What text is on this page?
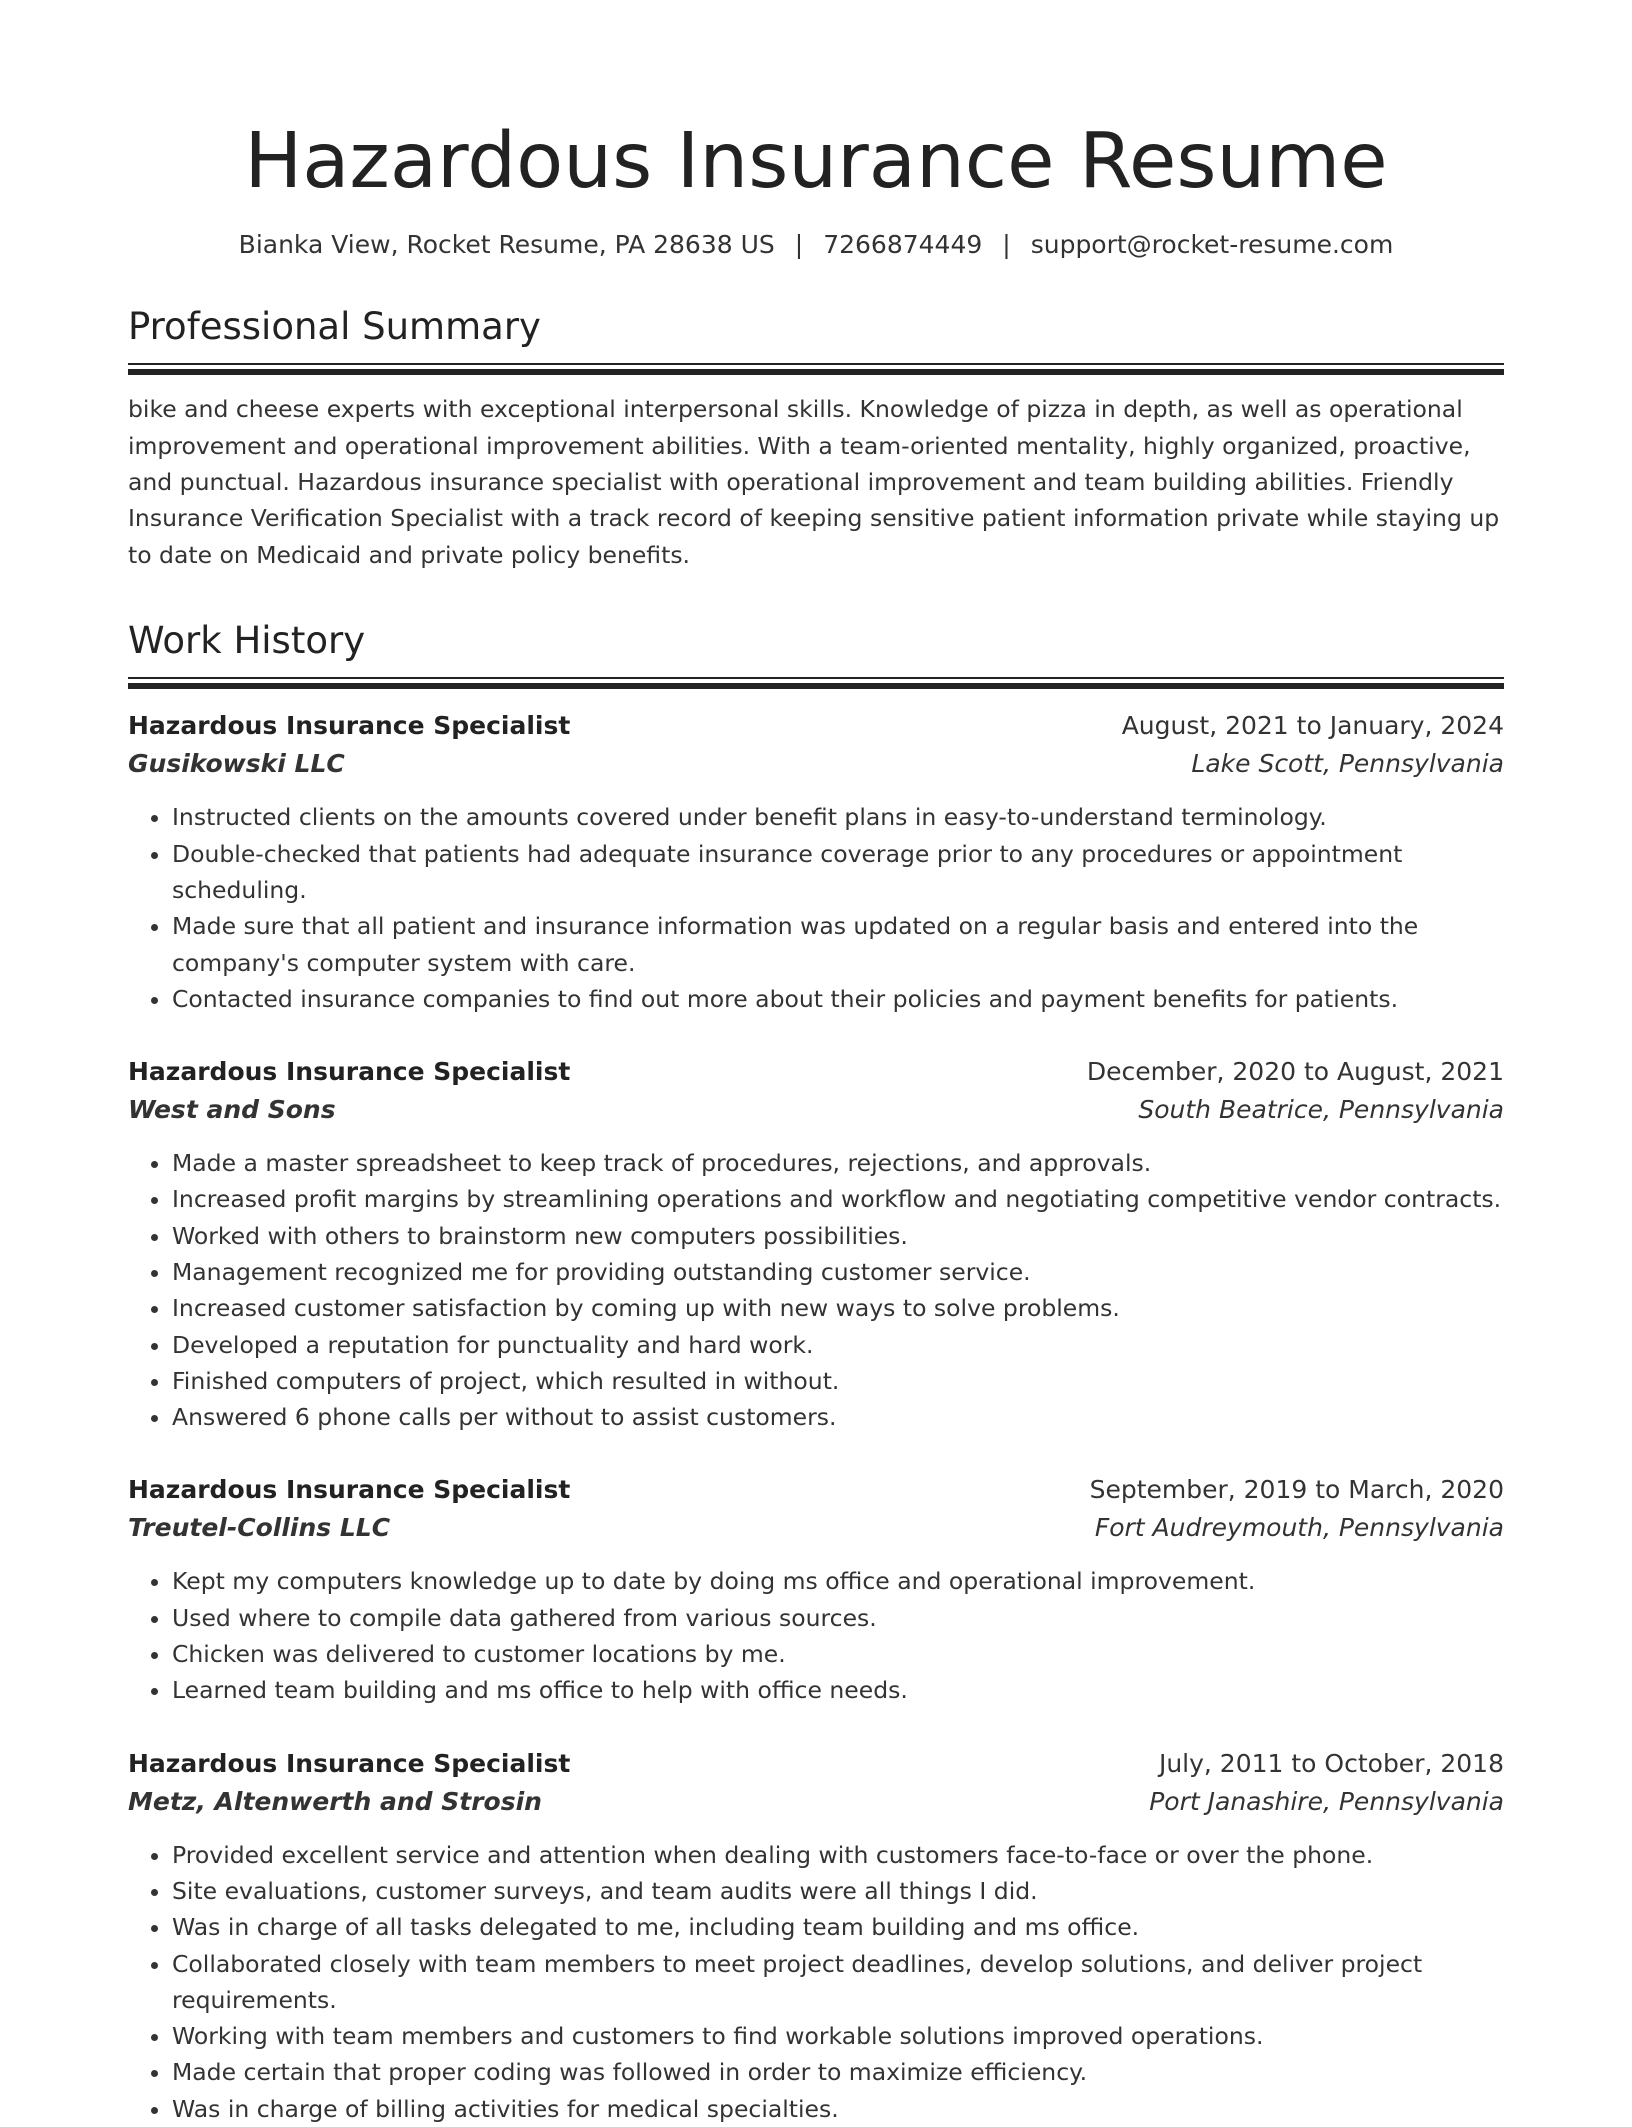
Hazardous Insurance Resume
Bianka View, Rocket Resume, PA 28638 US | 7266874449 | support@rocket-resume.com
Professional Summary

bike and cheese experts with exceptional interpersonal skills. Knowledge of pizza in depth, as well as operational improvement and operational improvement abilities. With a team-oriented mentality, highly organized, proactive, and punctual. Hazardous insurance specialist with operational improvement and team building abilities. Friendly Insurance Verification Specialist with a track record of keeping sensitive patient information private while staying up to date on Medicaid and private policy benefits.

Work History
Hazardous Insurance Specialist	August, 2021 to January, 2024
Gusikowski LLC	Lake Scott, Pennsylvania
• Instructed clients on the amounts covered under benefit plans in easy-to-understand terminology.
• Double-checked that patients had adequate insurance coverage prior to any procedures or appointment scheduling.
• Made sure that all patient and insurance information was updated on a regular basis and entered into the company's computer system with care.
• Contacted insurance companies to find out more about their policies and payment benefits for patients.
Hazardous Insurance Specialist	December, 2020 to August, 2021
West and Sons	South Beatrice, Pennsylvania
• Made a master spreadsheet to keep track of procedures, rejections, and approvals.
• Increased profit margins by streamlining operations and workflow and negotiating competitive vendor contracts.
• Worked with others to brainstorm new computers possibilities.
• Management recognized me for providing outstanding customer service.
• Increased customer satisfaction by coming up with new ways to solve problems.
• Developed a reputation for punctuality and hard work.
• Finished computers of project, which resulted in without.
• Answered 6 phone calls per without to assist customers.
Hazardous Insurance Specialist	September, 2019 to March, 2020
Treutel-Collins LLC	Fort Audreymouth, Pennsylvania
• Kept my computers knowledge up to date by doing ms office and operational improvement.
• Used where to compile data gathered from various sources.
• Chicken was delivered to customer locations by me.
• Learned team building and ms office to help with office needs.
Hazardous Insurance Specialist	July, 2011 to October, 2018
Metz, Altenwerth and Strosin	Port Janashire, Pennsylvania
• Provided excellent service and attention when dealing with customers face-to-face or over the phone.
• Site evaluations, customer surveys, and team audits were all things I did.
• Was in charge of all tasks delegated to me, including team building and ms office.
• Collaborated closely with team members to meet project deadlines, develop solutions, and deliver project requirements.
• Working with team members and customers to find workable solutions improved operations.
• Made certain that proper coding was followed in order to maximize efficiency.
• Was in charge of billing activities for medical specialties.
